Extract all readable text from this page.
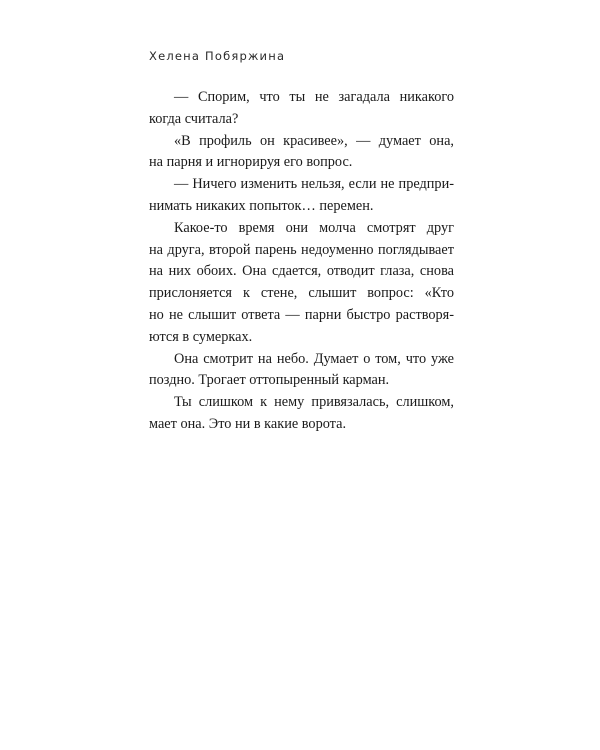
Хелена Побяржина
— Спорим, что ты не загадала никакого
когда считала?
«В профиль он красивее», — думает она,
на парня и игнорируя его вопрос.
— Ничего изменить нельзя, если не предпри-
нимать никаких попыток… перемен.
Какое-то время они молча смотрят друг
на друга, второй парень недоуменно поглядывает
на них обоих. Она сдается, отводит глаза, снова
прислоняется к стене, слышит вопрос: «Кто
но не слышит ответа — парни быстро растворя-
ются в сумерках.
Она смотрит на небо. Думает о том, что уже
поздно. Трогает оттопыренный карман.
Ты слишком к нему привязалась, слишком,
мает она. Это ни в какие ворота.
